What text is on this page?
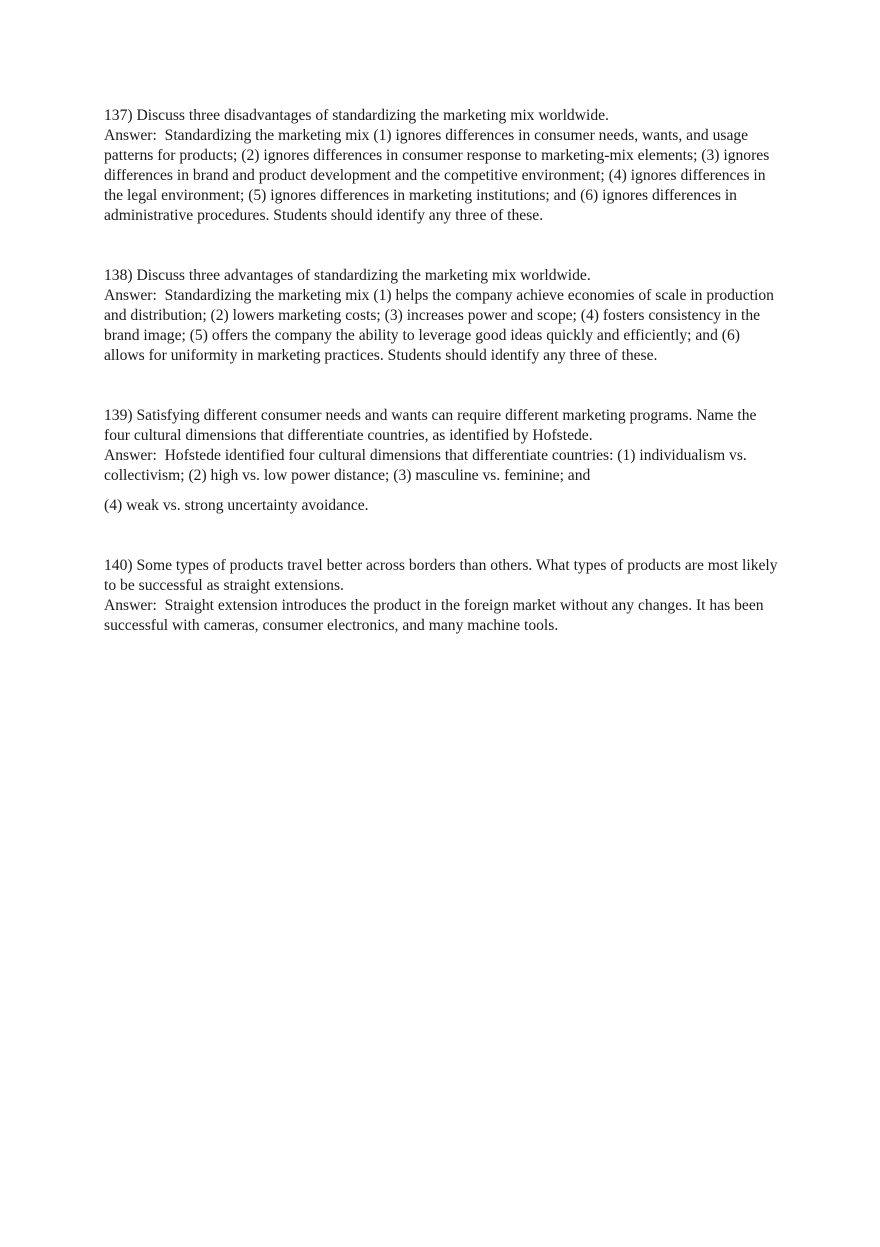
137) Discuss three disadvantages of standardizing the marketing mix worldwide.

Answer:  Standardizing the marketing mix (1) ignores differences in consumer needs, wants, and usage patterns for products; (2) ignores differences in consumer response to marketing-mix elements; (3) ignores differences in brand and product development and the competitive environment; (4) ignores differences in the legal environment; (5) ignores differences in marketing institutions; and (6) ignores differences in administrative procedures. Students should identify any three of these.

138) Discuss three advantages of standardizing the marketing mix worldwide.

Answer:  Standardizing the marketing mix (1) helps the company achieve economies of scale in production and distribution; (2) lowers marketing costs; (3) increases power and scope; (4) fosters consistency in the brand image; (5) offers the company the ability to leverage good ideas quickly and efficiently; and (6) allows for uniformity in marketing practices. Students should identify any three of these.

139) Satisfying different consumer needs and wants can require different marketing programs. Name the four cultural dimensions that differentiate countries, as identified by Hofstede.

Answer:  Hofstede identified four cultural dimensions that differentiate countries: (1) individualism vs. collectivism; (2) high vs. low power distance; (3) masculine vs. feminine; and

(4) weak vs. strong uncertainty avoidance.

140) Some types of products travel better across borders than others. What types of products are most likely to be successful as straight extensions.

Answer:  Straight extension introduces the product in the foreign market without any changes. It has been successful with cameras, consumer electronics, and many machine tools.
